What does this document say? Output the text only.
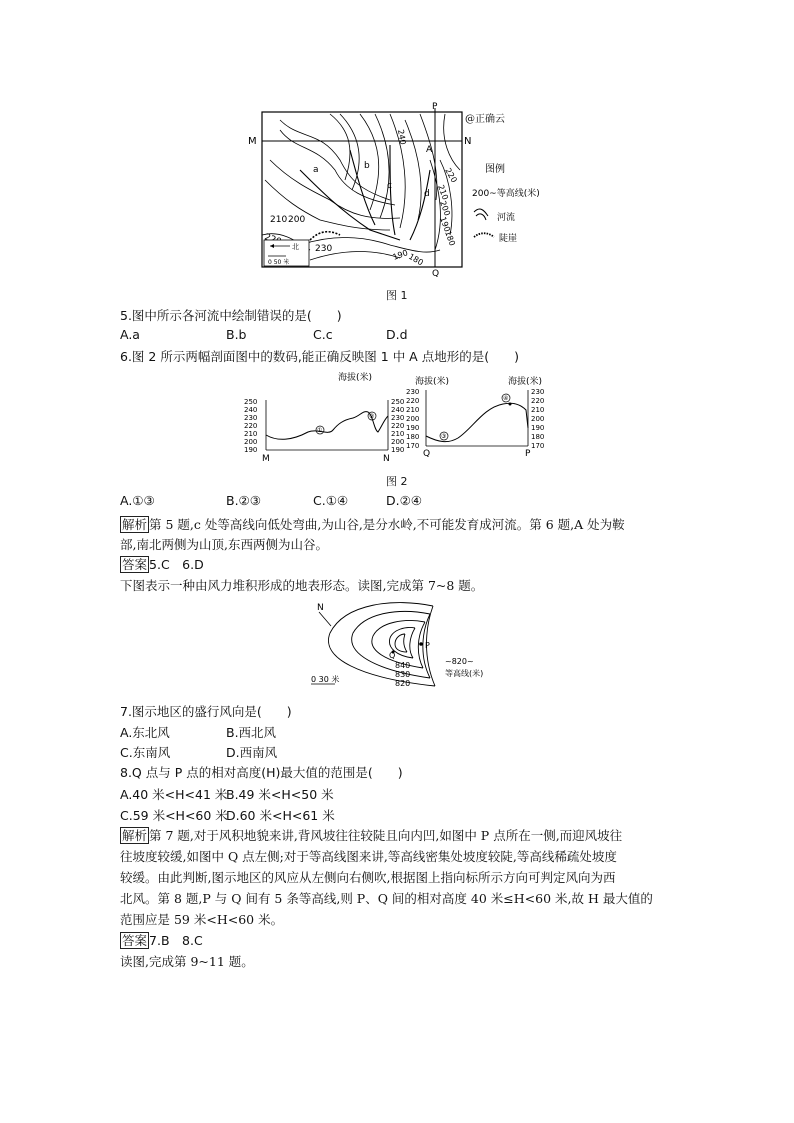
M	N
P
Q
A
a	b
c
d
240
220
210
200
190
180
210 200
230	190
180
北
0 50 米
图例
200~等高线(米)
河流
陡崖
@正确云
图 1
5.图中所示各河流中绘制错误的是(　　)
A.a	B.b	C.c	D.d
6.图 2 所示两幅剖面图中的数码,能正确反映图 1 中 A 点地形的是(　　)
海拔(米)
250
240
230
220
210
200
190
250
240
230
220
210
200
190
①
②
M	N
海拔(米)	海拔(米)
230
220
210
200
190
180
170
230
220
210
200
190
180
170
③
④
Q	P
图 2
A.①③	B.②③	C.①④	D.②④
解析 第 5 题,c 处等高线向低处弯曲,为山谷,是分水岭,不可能发育成河流。第 6 题,A 处为鞍
部,南北两侧为山顶,东西两侧为山谷。
答案 5.C　6.D
下图表示一种由风力堆积形成的地表形态。读图,完成第 7~8 题。
N
P
Q
840
830
820
0 30 米
~820~
等高线(米)
7.图示地区的盛行风向是(　　)
A.东北风	B.西北风
C.东南风	D.西南风
8.Q 点与 P 点的相对高度(H)最大值的范围是(　　)
A.40 米<H<41 米
B.49 米<H<50 米
C.59 米<H<60 米
D.60 米<H<61 米
解析 第 7 题,对于风积地貌来讲,背风坡往往较陡且向内凹,如图中 P 点所在一侧,而迎风坡往
往坡度较缓,如图中 Q 点左侧;对于等高线图来讲,等高线密集处坡度较陡,等高线稀疏处坡度
较缓。由此判断,图示地区的风应从左侧向右侧吹,根据图上指向标所示方向可判定风向为西
北风。第 8 题,P 与 Q 间有 5 条等高线,则 P、Q 间的相对高度 40 米≤H<60 米,故 H 最大值的
范围应是 59 米<H<60 米。
答案 7.B　8.C
读图,完成第 9~11 题。
